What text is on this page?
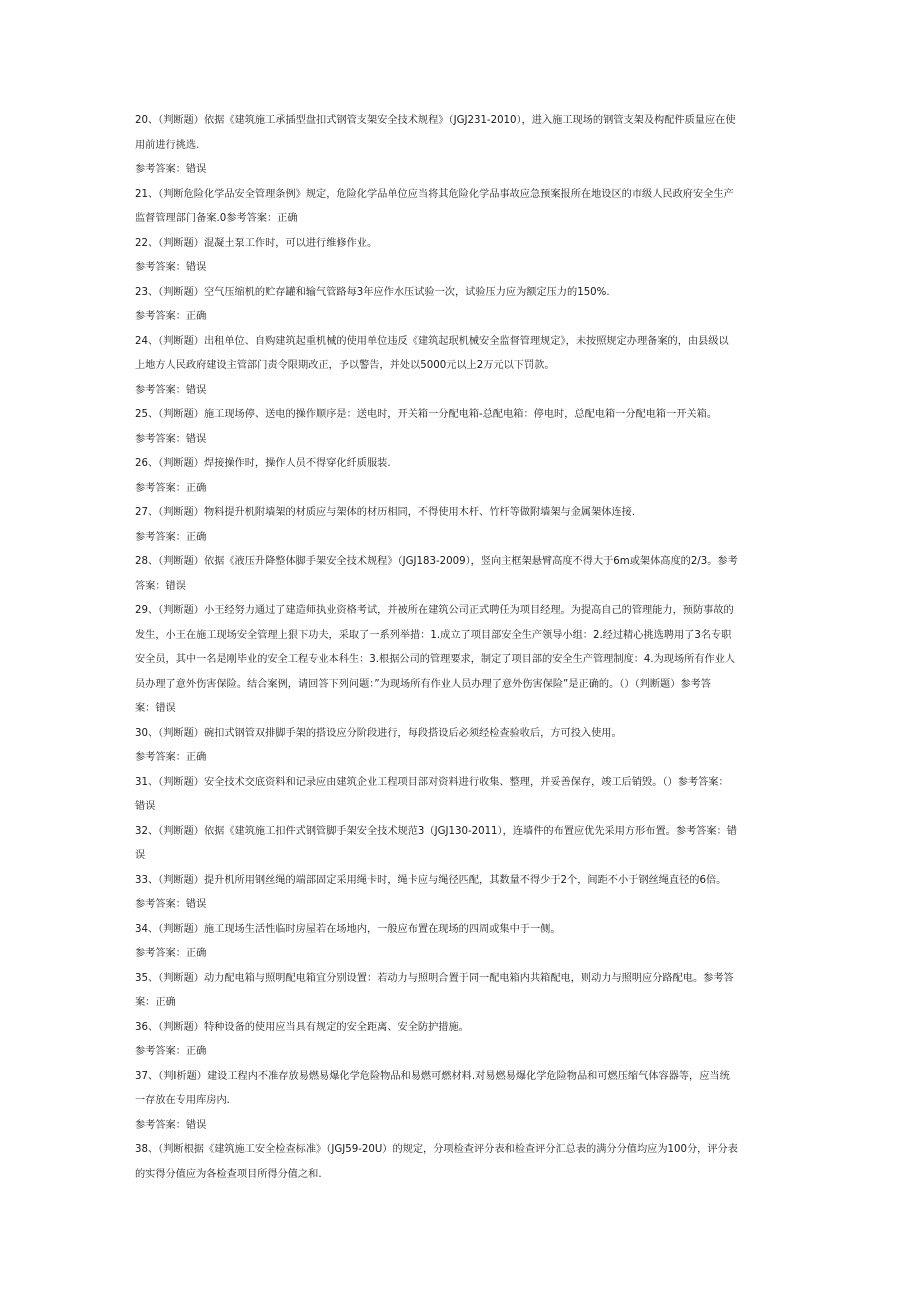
20、（判断题）依据《建筑施工承插型盘扣式钢管支架安全技术规程》（JGJ231-2010），进入施工现场的钢管支架及构配件质量应在使
用前进行挑选.
参考答案：错误
21、（判断危险化学品安全管理条例》规定，危险化学品单位应当将其危险化学品事故应急预案报所在地设区的市级人民政府安全生产
监督管理部门备案.0参考答案：正确
22、（判断题）混凝土泵工作时，可以进行维修作业。
参考答案：错误
23、（判断题）空气压缩机的贮存罐和输气管路每3年应作水压试验一次，试验压力应为额定压力的150%.
参考答案：正确
24、（判断题）出租单位、自购建筑起重机械的使用单位违反《建筑起珉机械安全监督管理规定》，未按照规定办理备案的，由县级以
上地方人民政府建设主管部门责令限期改正，予以警告，并处以5000元以上2万元以下罚款。
参考答案：错误
25、（判断题）施工现场停、送电的操作顺序是：送电时，开关箱一分配电箱-总配电箱：停电时，总配电箱一分配电箱一开关箱。
参考答案：错误
26、（判断题）焊接操作时，操作人员不得穿化纤质服装.
参考答案：正确
27、（判断题）物料提升机附墙架的材质应与架体的材历相同，不得使用木杆、竹杆等做附墙架与金属架体连接.
参考答案：正确
28、（判断题）依据《液压升降整体脚手架安全技术规程》（JGJ183-2009），竖向主框架悬臂高度不得大于6m或架体高度的2/3。参考
答案：错误
29、（判断题）小王经努力通过了建造师执业资格考试，并被所在建筑公司正式聘任为项目经理。为提高自己的管理能力，预防事故的
发生，小王在施工现场安全管理上狠下功夫，采取了一系列举措：1.成立了项目部安全生产领导小组：2.经过精心挑选聘用了3名专职
安全员，其中一名是刚毕业的安全工程专业本科生：3.根据公司的管理要求，制定了项目部的安全生产管理制度：4.为现场所有作业人
员办理了意外伤害保险。结合案例，请回答下列问题：”为现场所有作业人员办理了意外伤害保险”是正确的。（）（判断题）参考答
案：错误
30、（判断题）碗扣式钢管双排脚手架的搭设应分阶段进行，每段搭设后必须经检查验收后，方可投入使用。
参考答案：正确
31、（判断题）安全技术交底资料和记录应由建筑企业工程项目部对资料进行收集、整理，并妥善保存，竣工后销毁。（）参考答案：
错误
32、（判断题）依据《建筑施工扣件式钢管脚手架安全技术规范3（JGJ130-2011），连墙件的布置应优先采用方形布置。参考答案：错
误
33、（判断题）提升机所用钢丝绳的端部固定采用绳卡时，绳卡应与绳径匹配，其数量不得少于2个，间距不小于钢丝绳直径的6倍。
参考答案：错误
34、（判断题）施工现场生活性临时房屋若在场地内，一般应布置在现场的四周或集中于一侧。
参考答案：正确
35、（判断题）动力配电箱与照明配电箱宜分别设置：若动力与照明合置于同一配电箱内共箱配电，则动力与照明应分路配电。参考答
案：正确
36、（判断题）特种设备的使用应当具有规定的安全距离、安全防护措施。
参考答案：正确
37、（判Ⅰ析题）建设工程内不准存放易燃易爆化学危险物品和易燃可燃材料.对易燃易爆化学危险物品和可燃压缩气体容器等，应当统
一存放在专用库房内.
参考答案：错误
38、（判断根据《建筑施工安全检查标准》（JGJ59-20U）的规定，分项检查评分表和检查评分汇总表的满分分值均应为100分，评分表
的实得分值应为各检查项目所得分值之和.
